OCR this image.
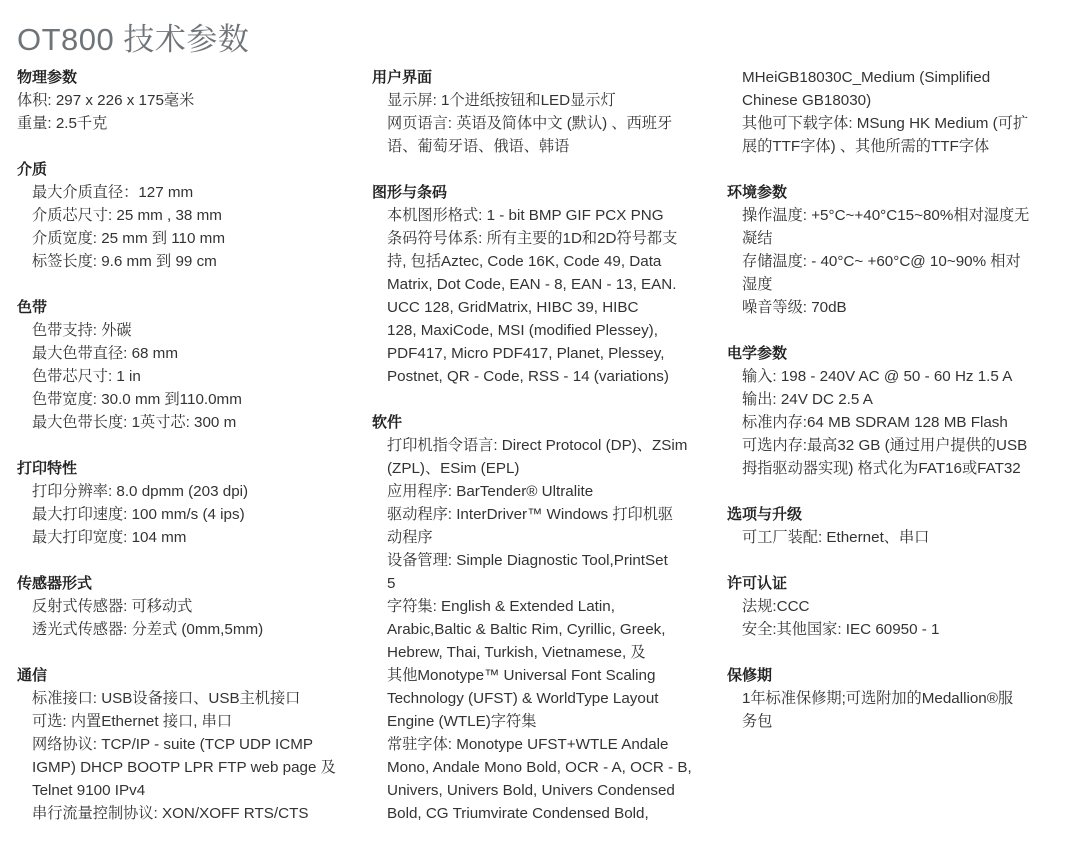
OT800 技术参数
物理参数
体积: 297 x 226 x 175毫米
重量: 2.5千克
介质
最大介质直径：127 mm
介质芯尺寸: 25 mm , 38 mm
介质宽度: 25 mm 到 110 mm
标签长度: 9.6 mm 到 99 cm
色带
色带支持: 外碳
最大色带直径: 68 mm
色带芯尺寸: 1 in
色带宽度: 30.0 mm 到110.0mm
最大色带长度: 1英寸芯: 300 m
打印特性
打印分辨率: 8.0 dpmm (203 dpi)
最大打印速度: 100 mm/s (4 ips)
最大打印宽度: 104 mm
传感器形式
反射式传感器: 可移动式
透光式传感器: 分差式 (0mm,5mm)
通信
标准接口: USB设备接口、USB主机接口
可选: 内置Ethernet 接口, 串口
网络协议: TCP/IP - suite (TCP UDP ICMP
IGMP) DHCP BOOTP LPR FTP web page 及
Telnet 9100 IPv4
串行流量控制协议: XON/XOFF RTS/CTS
用户界面
显示屏: 1个进纸按钮和LED显示灯
网页语言: 英语及简体中文 (默认) 、西班牙
语、葡萄牙语、俄语、韩语
图形与条码
本机图形格式: 1 - bit BMP GIF PCX PNG
条码符号体系: 所有主要的1D和2D符号都支
持, 包括Aztec, Code 16K, Code 49, Data
Matrix, Dot Code, EAN - 8, EAN - 13, EAN.
UCC 128, GridMatrix, HIBC 39, HIBC
128, MaxiCode, MSI (modified Plessey),
PDF417, Micro PDF417, Planet, Plessey,
Postnet, QR - Code, RSS - 14 (variations)
软件
打印机指令语言: Direct Protocol (DP)、ZSim
(ZPL)、ESim (EPL)
应用程序: BarTender® Ultralite
驱动程序: InterDriver™ Windows 打印机驱
动程序
设备管理: Simple Diagnostic Tool,PrintSet
5
字符集: English & Extended Latin,
Arabic,Baltic & Baltic Rim, Cyrillic, Greek,
Hebrew, Thai, Turkish, Vietnamese, 及
其他Monotype™ Universal Font Scaling
Technology (UFST) & WorldType Layout
Engine (WTLE)字符集
常驻字体: Monotype UFST+WTLE Andale
Mono, Andale Mono Bold, OCR - A, OCR - B,
Univers, Univers Bold, Univers Condensed
Bold, CG Triumvirate Condensed Bold,
MHeiGB18030C_Medium (Simplified
Chinese GB18030)
其他可下载字体: MSung HK Medium (可扩
展的TTF字体) 、其他所需的TTF字体
环境参数
操作温度: +5°C~+40°C15~80%相对湿度无
凝结
存储温度: - 40°C~ +60°C@ 10~90% 相对
湿度
噪音等级: 70dB
电学参数
输入: 198 - 240V AC @ 50 - 60 Hz 1.5 A
输出: 24V DC 2.5 A
标准内存:64 MB SDRAM 128 MB Flash
可选内存:最高32 GB (通过用户提供的USB
拇指驱动器实现) 格式化为FAT16或FAT32
选项与升级
可工厂装配: Ethernet、串口
许可认证
法规:CCC
安全:其他国家: IEC 60950 - 1
保修期
1年标准保修期;可选附加的Medallion®服
务包
